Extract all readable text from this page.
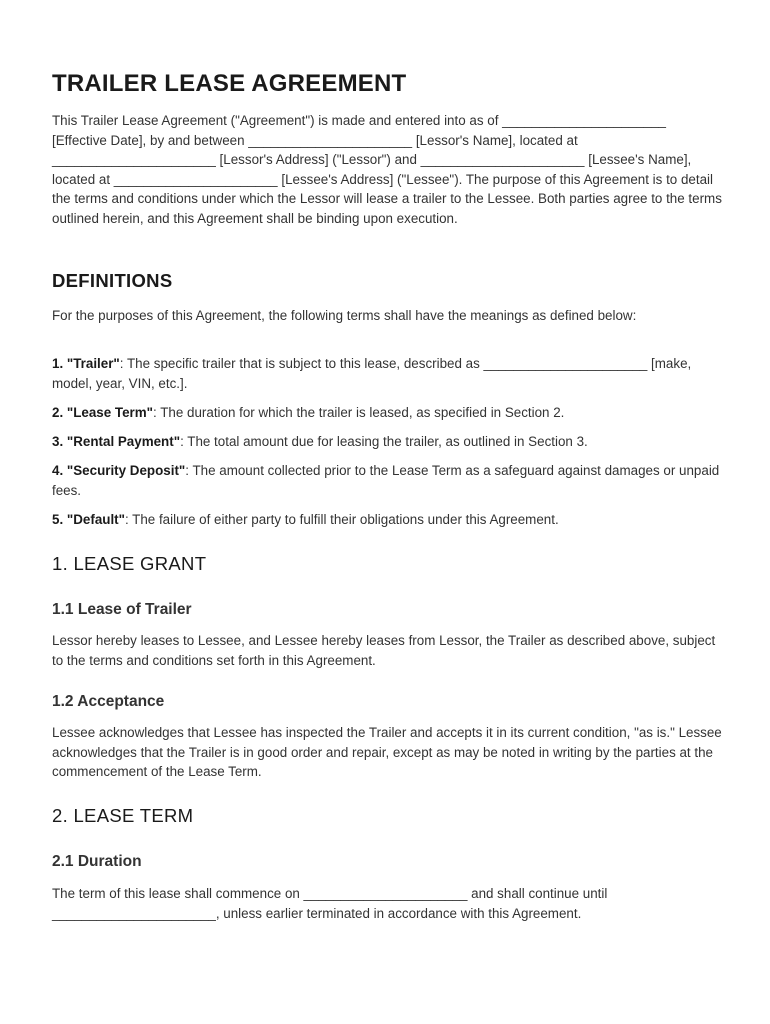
TRAILER LEASE AGREEMENT

This Trailer Lease Agreement ("Agreement") is made and entered into as of ______________________ [Effective Date], by and between ______________________ [Lessor's Name], located at ______________________ [Lessor's Address] ("Lessor") and ______________________ [Lessee's Name], located at ______________________ [Lessee's Address] ("Lessee"). The purpose of this Agreement is to detail the terms and conditions under which the Lessor will lease a trailer to the Lessee. Both parties agree to the terms outlined herein, and this Agreement shall be binding upon execution.

DEFINITIONS

For the purposes of this Agreement, the following terms shall have the meanings as defined below:

1. "Trailer": The specific trailer that is subject to this lease, described as ______________________ [make, model, year, VIN, etc.].

2. "Lease Term": The duration for which the trailer is leased, as specified in Section 2.

3. "Rental Payment": The total amount due for leasing the trailer, as outlined in Section 3.

4. "Security Deposit": The amount collected prior to the Lease Term as a safeguard against damages or unpaid fees.

5. "Default": The failure of either party to fulfill their obligations under this Agreement.

1. LEASE GRANT
1.1 Lease of Trailer

Lessor hereby leases to Lessee, and Lessee hereby leases from Lessor, the Trailer as described above, subject to the terms and conditions set forth in this Agreement.

1.2 Acceptance

Lessee acknowledges that Lessee has inspected the Trailer and accepts it in its current condition, "as is." Lessee acknowledges that the Trailer is in good order and repair, except as may be noted in writing by the parties at the commencement of the Lease Term.

2. LEASE TERM
2.1 Duration

The term of this lease shall commence on ______________________ and shall continue until ______________________, unless earlier terminated in accordance with this Agreement.
